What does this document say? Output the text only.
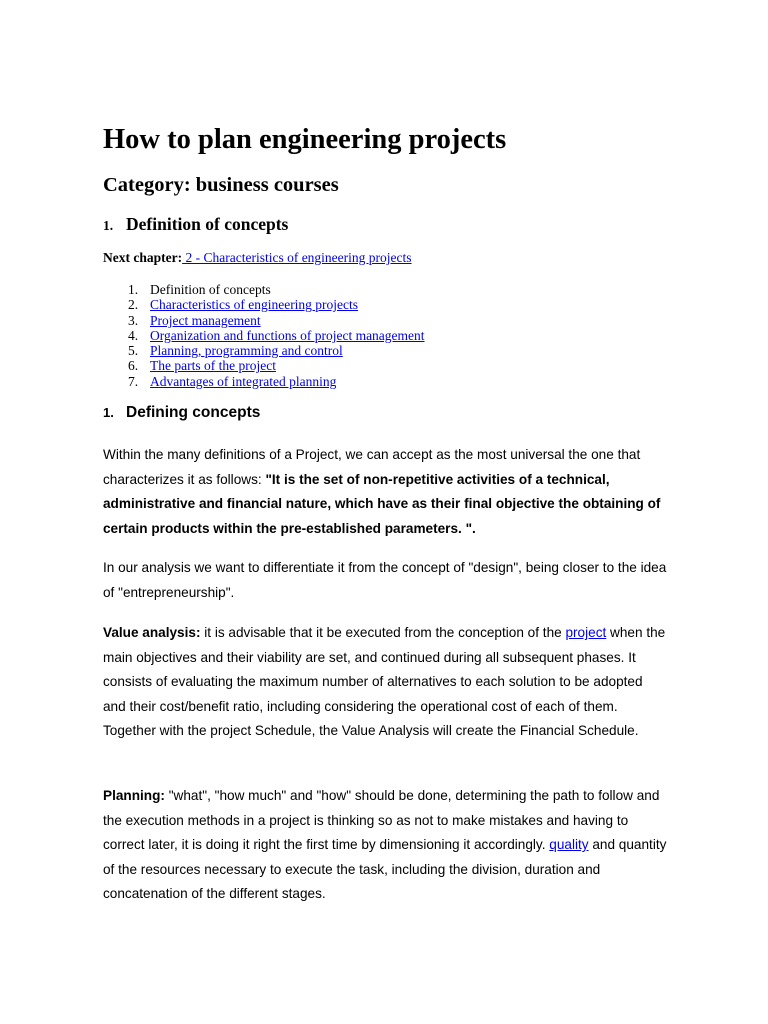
How to plan engineering projects
Category: business courses
1. Definition of concepts
Next chapter: 2 - Characteristics of engineering projects
1. Definition of concepts
2. Characteristics of engineering projects
3. Project management
4. Organization and functions of project management
5. Planning, programming and control
6. The parts of the project
7. Advantages of integrated planning
1. Defining concepts

Within the many definitions of a Project, we can accept as the most universal the one that characterizes it as follows: "It is the set of non-repetitive activities of a technical, administrative and financial nature, which have as their final objective the obtaining of certain products within the pre-established parameters. ".

In our analysis we want to differentiate it from the concept of "design", being closer to the idea of "entrepreneurship".

Value analysis: it is advisable that it be executed from the conception of the project when the main objectives and their viability are set, and continued during all subsequent phases. It consists of evaluating the maximum number of alternatives to each solution to be adopted and their cost/benefit ratio, including considering the operational cost of each of them. Together with the project Schedule, the Value Analysis will create the Financial Schedule.

Planning: "what", "how much" and "how" should be done, determining the path to follow and the execution methods in a project is thinking so as not to make mistakes and having to correct later, it is doing it right the first time by dimensioning it accordingly. quality and quantity of the resources necessary to execute the task, including the division, duration and concatenation of the different stages.
